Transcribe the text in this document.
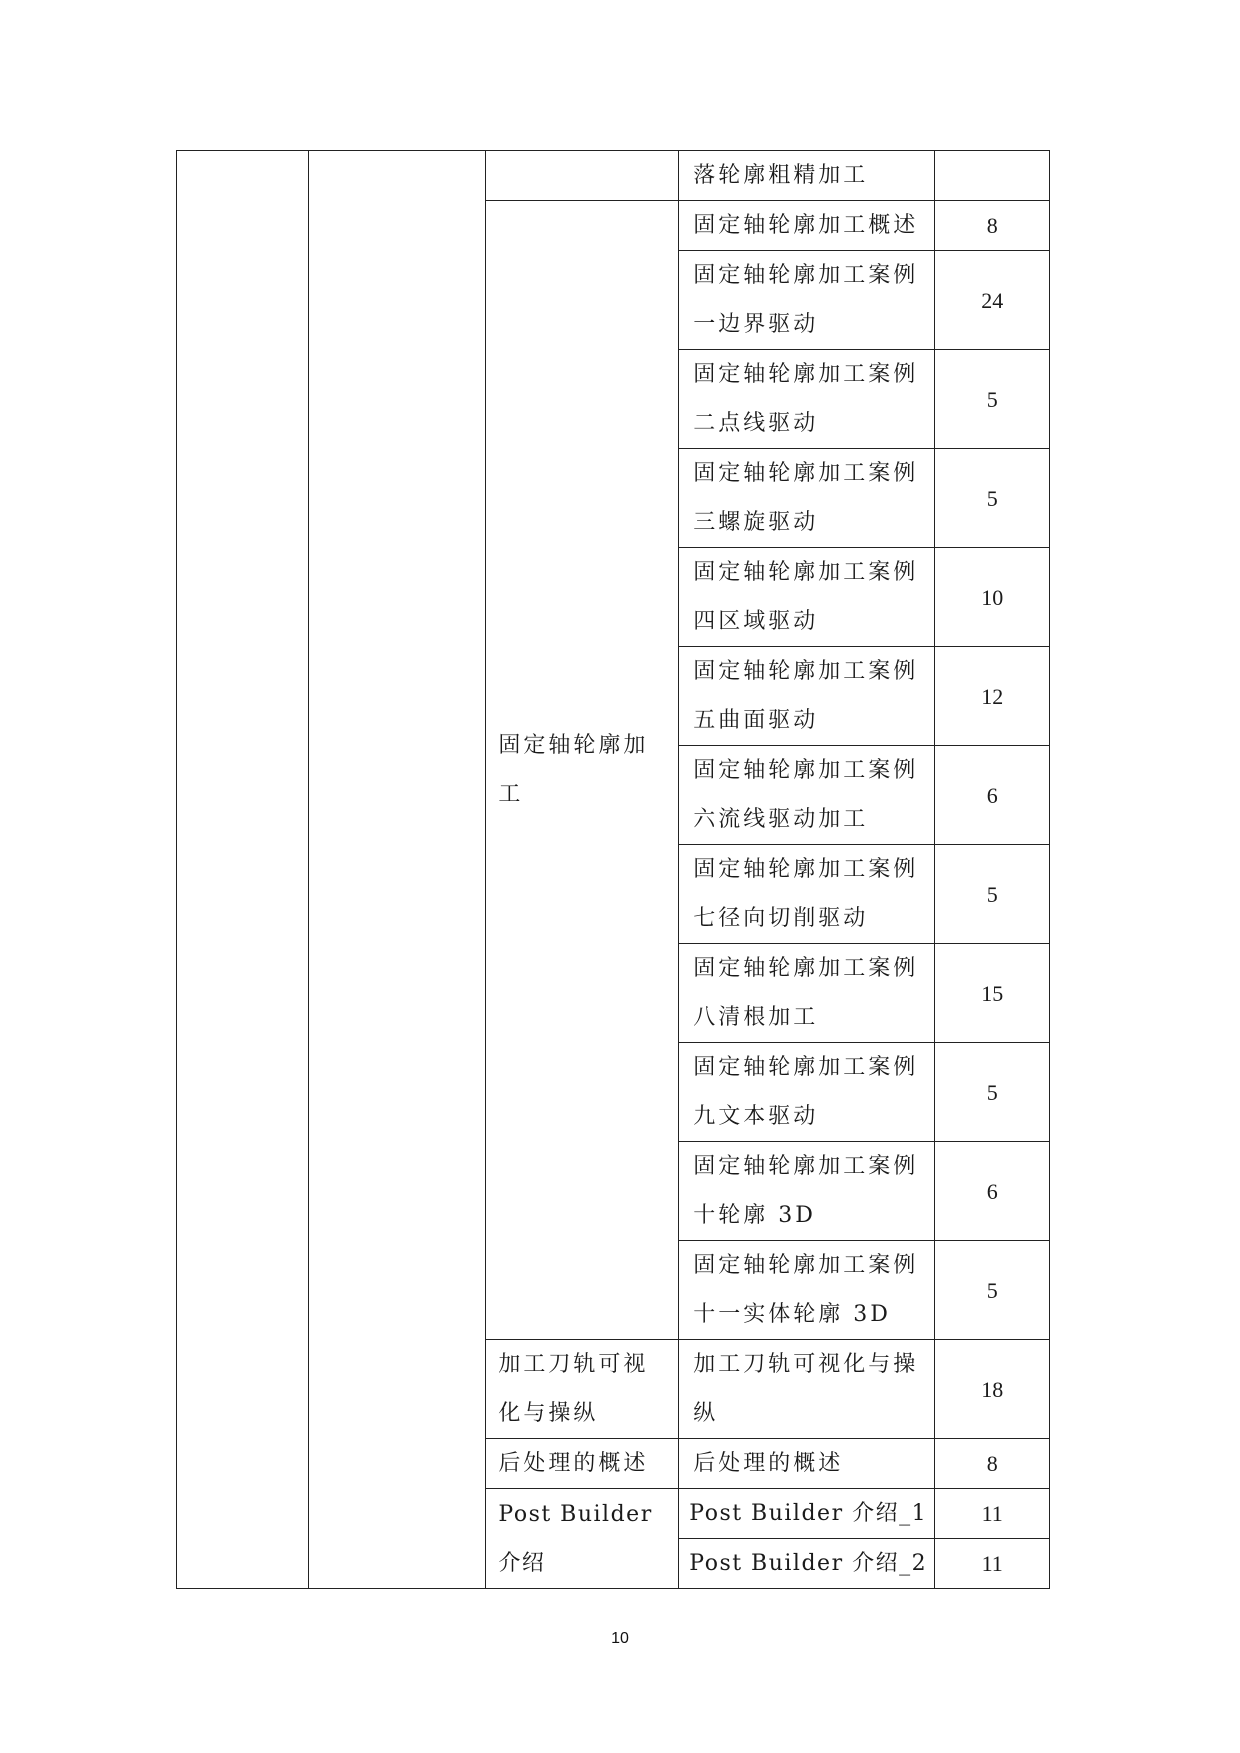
			落轮廓粗精加工	

		固定轴轮廓加
工	固定轴轮廓加工概述	8

			固定轴轮廓加工案例
一边界驱动	24

			固定轴轮廓加工案例
二点线驱动	5

			固定轴轮廓加工案例
三螺旋驱动	5

			固定轴轮廓加工案例
四区域驱动	10

			固定轴轮廓加工案例
五曲面驱动	12

			固定轴轮廓加工案例
六流线驱动加工	6

			固定轴轮廓加工案例
七径向切削驱动	5

			固定轴轮廓加工案例
八清根加工	15

			固定轴轮廓加工案例
九文本驱动	5

			固定轴轮廓加工案例
十轮廓 3D	6

			固定轴轮廓加工案例
十一实体轮廓 3D	5

		加工刀轨可视
化与操纵	加工刀轨可视化与操
纵	18

		后处理的概述	后处理的概述	8

		Post Builder
介绍	Post Builder 介绍_1	11

			Post Builder 介绍_2	11
10
